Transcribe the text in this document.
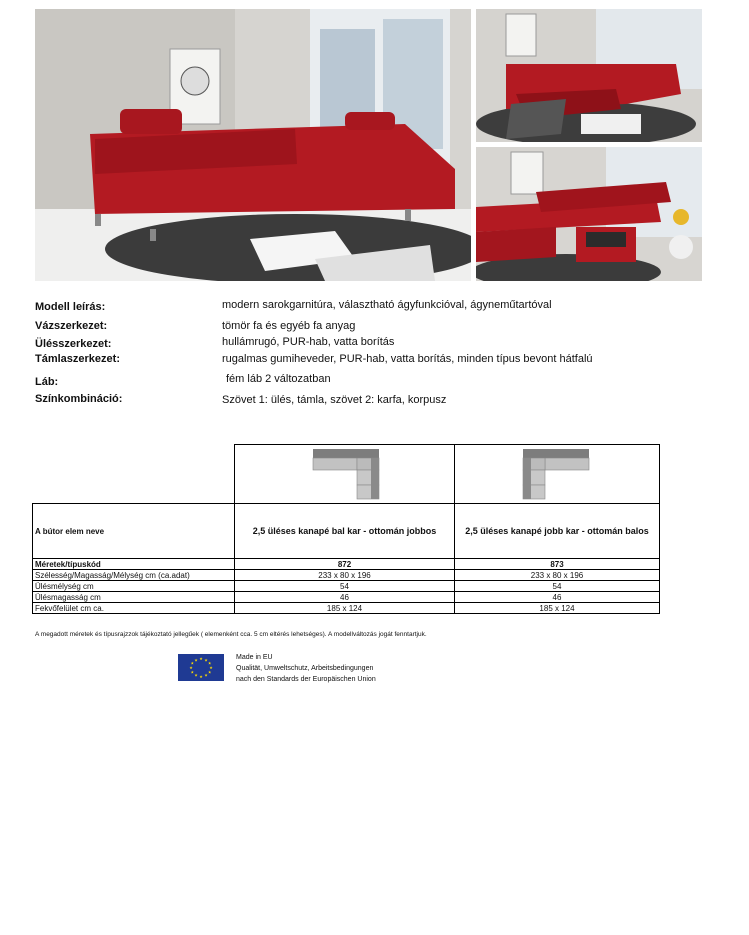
Modell leírás:	modern sarokgarnitúra, választható ágyfunkcióval, ágyneműtartóval
Vázszerkezet:	tömör fa és egyéb fa anyag
Ülésszerkezet:	hullámrugó, PUR-hab, vatta borítás
Támlaszerkezet:	rugalmas gumiheveder, PUR-hab, vatta borítás, minden típus bevont hátfalú
Láb:	fém láb 2 változatban
Színkombináció:	Szövet 1: ülés, támla, szövet 2: karfa, korpusz

A bútor elem neve	2,5 üléses kanapé bal kar - ottomán jobbos	2,5 üléses kanapé jobb kar - ottomán balos
Méretek/típuskód	872	873
Szélesség/Magasság/Mélység cm (ca.adat)	233 x 80 x 196	233 x 80 x 196
Ülésmélység cm	54	54
Ülésmagasság cm	46	46
Fekvőfelület cm ca.	185 x 124	185 x 124
A megadott méretek és típusrajzzok tájékoztató jellegűek ( elemenként cca. 5 cm eltérés lehetséges). A modellváltozás jogát fenntartjuk.
★ ★
★
★
★
★
★
★
★
★
★
★	Made in EU
Qualität, Umweltschutz, Arbeitsbedingungen
nach den Standards der Europäischen Union
